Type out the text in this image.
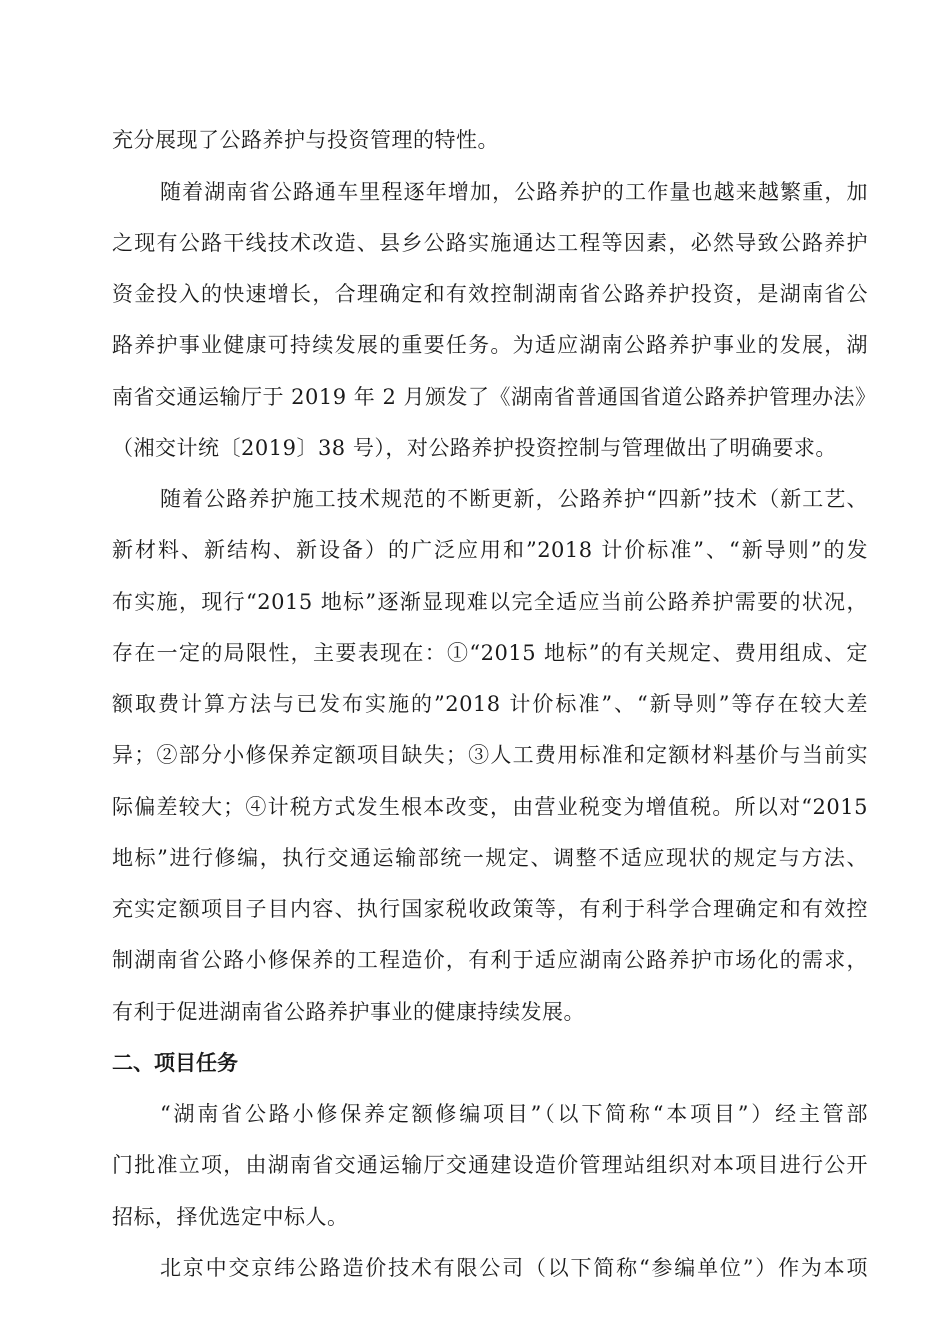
充分展现了公路养护与投资管理的特性。
随着湖南省公路通车里程逐年增加，公路养护的工作量也越来越繁重，加
之现有公路干线技术改造、县乡公路实施通达工程等因素，必然导致公路养护
资金投入的快速增长，合理确定和有效控制湖南省公路养护投资，是湖南省公
路养护事业健康可持续发展的重要任务。为适应湖南公路养护事业的发展，湖
南省交通运输厅于 2019 年 2 月颁发了《湖南省普通国省道公路养护管理办法》
（湘交计统〔2019〕38 号），对公路养护投资控制与管理做出了明确要求。
随着公路养护施工技术规范的不断更新，公路养护“四新”技术（新工艺、
新材料、新结构、新设备）的广泛应用和”2018 计价标准”、“新导则”的发
布实施，现行“2015 地标”逐渐显现难以完全适应当前公路养护需要的状况，
存在一定的局限性，主要表现在：①“2015 地标”的有关规定、费用组成、定
额取费计算方法与已发布实施的”2018 计价标准”、“新导则”等存在较大差
异；②部分小修保养定额项目缺失；③人工费用标准和定额材料基价与当前实
际偏差较大；④计税方式发生根本改变，由营业税变为增值税。所以对“2015
地标”进行修编，执行交通运输部统一规定、调整不适应现状的规定与方法、
充实定额项目子目内容、执行国家税收政策等，有利于科学合理确定和有效控
制湖南省公路小修保养的工程造价，有利于适应湖南公路养护市场化的需求，
有利于促进湖南省公路养护事业的健康持续发展。
二、项目任务
“湖南省公路小修保养定额修编项目”（以下简称“本项目”）经主管部
门批准立项，由湖南省交通运输厅交通建设造价管理站组织对本项目进行公开
招标，择优选定中标人。
北京中交京纬公路造价技术有限公司（以下简称“参编单位”）作为本项
